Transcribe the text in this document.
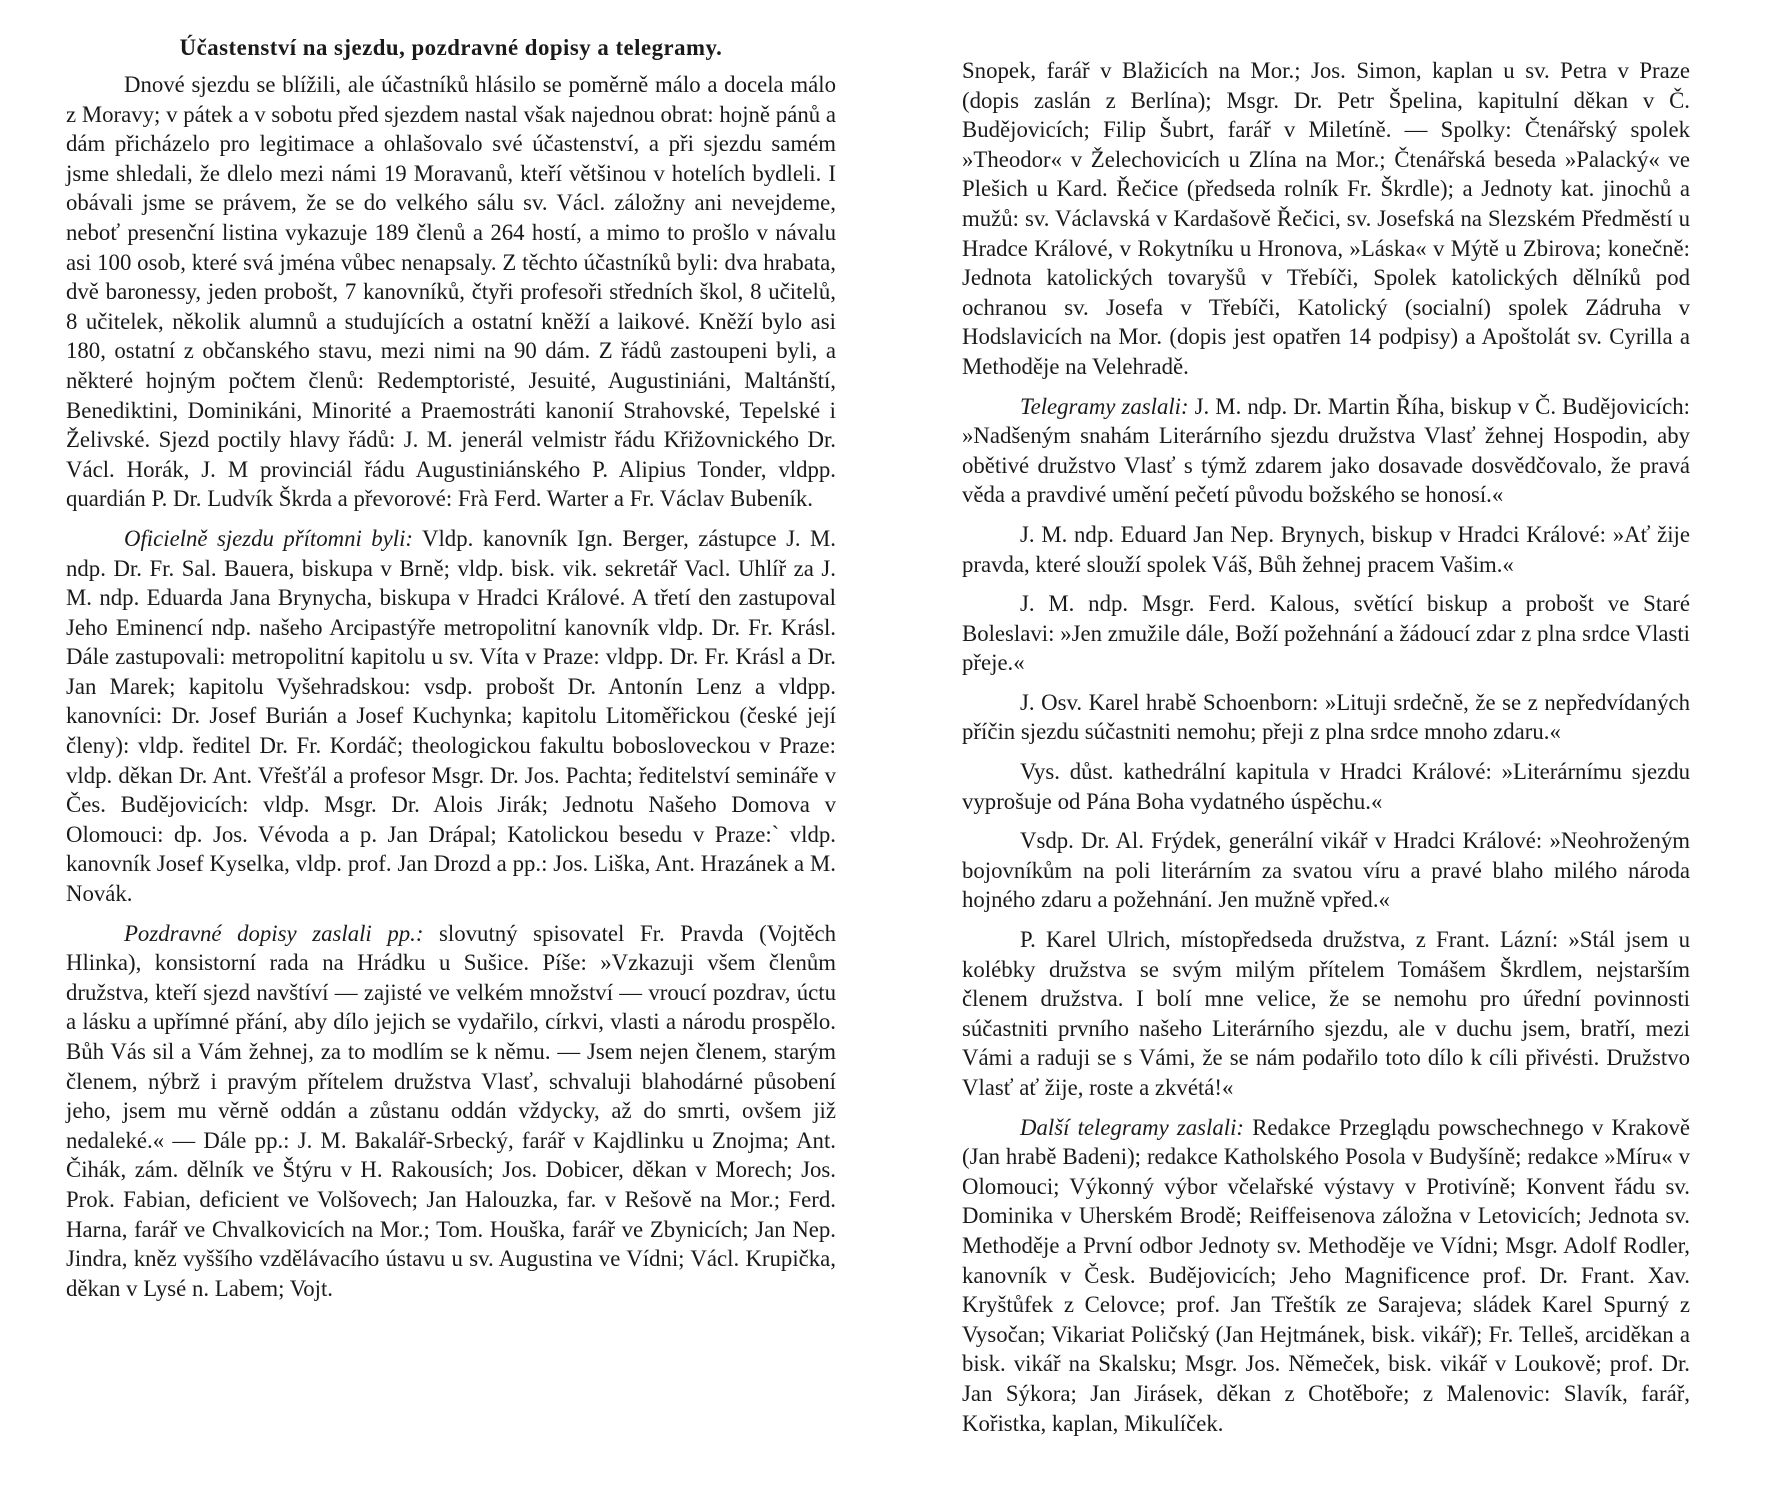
Účastenství na sjezdu, pozdravné dopisy a telegramy.

Dnové sjezdu se blížili, ale účastníků hlásilo se poměrně málo a docela málo z Moravy; v pátek a v sobotu před sjezdem nastal však najednou obrat: hojně pánů a dám přicházelo pro legitimace a ohlašovalo své účastenství, a při sjezdu samém jsme shledali, že dlelo mezi námi 19 Moravanů, kteří většinou v hotelích bydleli. I obávali jsme se právem, že se do velkého sálu sv. Václ. záložny ani nevejdeme, neboť presenční listina vykazuje 189 členů a 264 hostí, a mimo to prošlo v návalu asi 100 osob, které svá jména vůbec nenapsaly. Z těchto účastníků byli: dva hrabata, dvě baronessy, jeden probošt, 7 kanovníků, čtyři profesoři středních škol, 8 učitelů, 8 učitelek, několik alumnů a studujících a ostatní kněží a laikové. Kněží bylo asi 180, ostatní z občanského stavu, mezi nimi na 90 dám. Z řádů zastoupeni byli, a některé hojným počtem členů: Redemptoristé, Jesuité, Augustiniáni, Maltánští, Benediktini, Dominikáni, Minorité a Praemostráti kanonií Strahovské, Tepelské i Želivské. Sjezd poctily hlavy řádů: J. M. jenerál velmistr řádu Křižovnického Dr. Václ. Horák, J. M provinciál řádu Augustiniánského P. Alipius Tonder, vldpp. quardián P. Dr. Ludvík Škrda a převorové: Frà Ferd. Warter a Fr. Václav Bubeník.

Oficielně sjezdu přítomni byli: Vldp. kanovník Ign. Berger, zástupce J. M. ndp. Dr. Fr. Sal. Bauera, biskupa v Brně; vldp. bisk. vik. sekretář Vacl. Uhlíř za J. M. ndp. Eduarda Jana Brynycha, biskupa v Hradci Králové. A třetí den zastupoval Jeho Eminencí ndp. našeho Arcipastýře metropolitní kanovník vldp. Dr. Fr. Krásl. Dále zastupovali: metropolitní kapitolu u sv. Víta v Praze: vldpp. Dr. Fr. Krásl a Dr. Jan Marek; kapitolu Vyšehradskou: vsdp. probošt Dr. Antonín Lenz a vldpp. kanovníci: Dr. Josef Burián a Josef Kuchynka; kapitolu Litoměřickou (české její členy): vldp. ředitel Dr. Fr. Kordáč; theologickou fakultu bobosloveckou v Praze: vldp. děkan Dr. Ant. Vřešťál a profesor Msgr. Dr. Jos. Pachta; ředitelství semináře v Čes. Budějovicích: vldp. Msgr. Dr. Alois Jirák; Jednotu Našeho Domova v Olomouci: dp. Jos. Vévoda a p. Jan Drápal; Katolickou besedu v Praze:` vldp. kanovník Josef Kyselka, vldp. prof. Jan Drozd a pp.: Jos. Liška, Ant. Hrazánek a M. Novák.

Pozdravné dopisy zaslali pp.: slovutný spisovatel Fr. Pravda (Vojtěch Hlinka), konsistorní rada na Hrádku u Sušice. Píše: »Vzkazuji všem členům družstva, kteří sjezd navštíví — zajisté ve velkém množství — vroucí pozdrav, úctu a lásku a upřímné přání, aby dílo jejich se vydařilo, církvi, vlasti a národu prospělo. Bůh Vás sil a Vám žehnej, za to modlím se k němu. — Jsem nejen členem, starým členem, nýbrž i pravým přítelem družstva Vlasť, schvaluji blahodárné působení jeho, jsem mu věrně oddán a zůstanu oddán vždycky, až do smrti, ovšem již nedaleké.« — Dále pp.: J. M. Bakalář-Srbecký, farář v Kajdlinku u Znojma; Ant. Čihák, zám. dělník ve Štýru v H. Rakousích; Jos. Dobicer, děkan v Morech; Jos. Prok. Fabian, deficient ve Volšovech; Jan Halouzka, far. v Rešově na Mor.; Ferd. Harna, farář ve Chvalkovicích na Mor.; Tom. Houška, farář ve Zbynicích; Jan Nep. Jindra, kněz vyššího vzdělávacího ústavu u sv. Augustina ve Vídni; Václ. Krupička, děkan v Lysé n. Labem; Vojt.

Snopek, farář v Blažicích na Mor.; Jos. Simon, kaplan u sv. Petra v Praze (dopis zaslán z Berlína); Msgr. Dr. Petr Špelina, kapitulní děkan v Č. Budějovicích; Filip Šubrt, farář v Miletíně. — Spolky: Čtenářský spolek »Theodor« v Želechovicích u Zlína na Mor.; Čtenářská beseda »Palacký« ve Plešich u Kard. Řečice (předseda rolník Fr. Škrdle); a Jednoty kat. jinochů a mužů: sv. Václavská v Kardašově Řečici, sv. Josefská na Slezském Předměstí u Hradce Králové, v Rokytníku u Hronova, »Láska« v Mýtě u Zbirova; konečně: Jednota katolických tovaryšů v Třebíči, Spolek katolických dělníků pod ochranou sv. Josefa v Třebíči, Katolický (socialní) spolek Zádruha v Hodslavicích na Mor. (dopis jest opatřen 14 podpisy) a Apoštolát sv. Cyrilla a Methoděje na Velehradě.

Telegramy zaslali: J. M. ndp. Dr. Martin Říha, biskup v Č. Budějovicích: »Nadšeným snahám Literárního sjezdu družstva Vlasť žehnej Hospodin, aby obětivé družstvo Vlasť s týmž zdarem jako dosavade dosvědčovalo, že pravá věda a pravdivé umění pečetí původu božského se honosí.«

J. M. ndp. Eduard Jan Nep. Brynych, biskup v Hradci Králové: »Ať žije pravda, které slouží spolek Váš, Bůh žehnej pracem Vašim.«

J. M. ndp. Msgr. Ferd. Kalous, světící biskup a probošt ve Staré Boleslavi: »Jen zmužile dále, Boží požehnání a žádoucí zdar z plna srdce Vlasti přeje.«

J. Osv. Karel hrabě Schoenborn: »Lituji srdečně, že se z nepředvídaných příčin sjezdu súčastniti nemohu; přeji z plna srdce mnoho zdaru.«

Vys. důst. kathedrální kapitula v Hradci Králové: »Literárnímu sjezdu vyprošuje od Pána Boha vydatného úspěchu.«

Vsdp. Dr. Al. Frýdek, generální vikář v Hradci Králové: »Neohroženým bojovníkům na poli literárním za svatou víru a pravé blaho milého národa hojného zdaru a požehnání. Jen mužně vpřed.«

P. Karel Ulrich, místopředseda družstva, z Frant. Lázní: »Stál jsem u kolébky družstva se svým milým přítelem Tomášem Škrdlem, nejstarším členem družstva. I bolí mne velice, že se nemohu pro úřední povinnosti súčastniti prvního našeho Literárního sjezdu, ale v duchu jsem, bratří, mezi Vámi a raduji se s Vámi, že se nám podařilo toto dílo k cíli přivésti. Družstvo Vlasť ať žije, roste a zkvétá!«

Další telegramy zaslali: Redakce Przeglądu powschechnego v Krakově (Jan hrabě Badeni); redakce Katholského Posola v Budyšíně; redakce »Míru« v Olomouci; Výkonný výbor včelařské výstavy v Protivíně; Konvent řádu sv. Dominika v Uherském Brodě; Reiffeisenova záložna v Letovicích; Jednota sv. Methoděje a První odbor Jednoty sv. Methoděje ve Vídni; Msgr. Adolf Rodler, kanovník v Česk. Budějovicích; Jeho Magnificence prof. Dr. Frant. Xav. Kryštůfek z Celovce; prof. Jan Třeštík ze Sarajeva; sládek Karel Spurný z Vysočan; Vikariat Poličský (Jan Hejtmánek, bisk. vikář); Fr. Telleš, arciděkan a bisk. vikář na Skalsku; Msgr. Jos. Němeček, bisk. vikář v Loukově; prof. Dr. Jan Sýkora; Jan Jirásek, děkan z Chotěboře; z Malenovic: Slavík, farář, Kořistka, kaplan, Mikulíček.
